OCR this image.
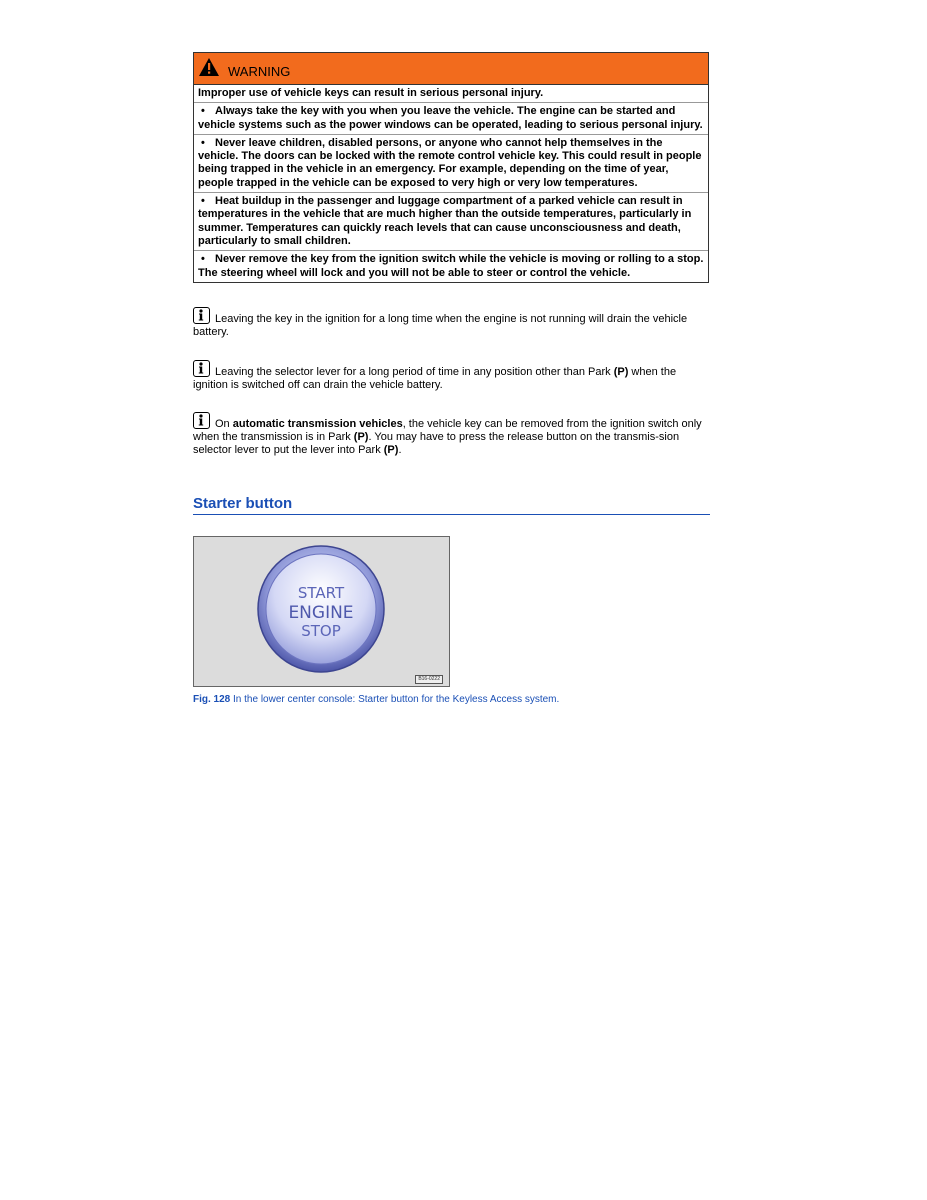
WARNING
Improper use of vehicle keys can result in serious personal injury.
• Always take the key with you when you leave the vehicle. The engine can be started and vehicle systems such as the power windows can be operated, leading to serious personal injury.
• Never leave children, disabled persons, or anyone who cannot help themselves in the vehicle. The doors can be locked with the remote control vehicle key. This could result in people being trapped in the vehicle in an emergency. For example, depending on the time of year, people trapped in the vehicle can be exposed to very high or very low temperatures.
• Heat buildup in the passenger and luggage compartment of a parked vehicle can result in temperatures in the vehicle that are much higher than the outside temperatures, particularly in summer. Temperatures can quickly reach levels that can cause unconsciousness and death, particularly to small children.
• Never remove the key from the ignition switch while the vehicle is moving or rolling to a stop. The steering wheel will lock and you will not be able to steer or control the vehicle.
Leaving the key in the ignition for a long time when the engine is not running will drain the vehicle battery.
Leaving the selector lever for a long period of time in any position other than Park (P) when the ignition is switched off can drain the vehicle battery.
On automatic transmission vehicles, the vehicle key can be removed from the ignition switch only when the transmission is in Park (P). You may have to press the release button on the transmis-sion selector lever to put the lever into Park (P).
Starter button
START
ENGINE
STOP
B16-0222
Fig. 128 In the lower center console: Starter button for the Keyless Access system.
